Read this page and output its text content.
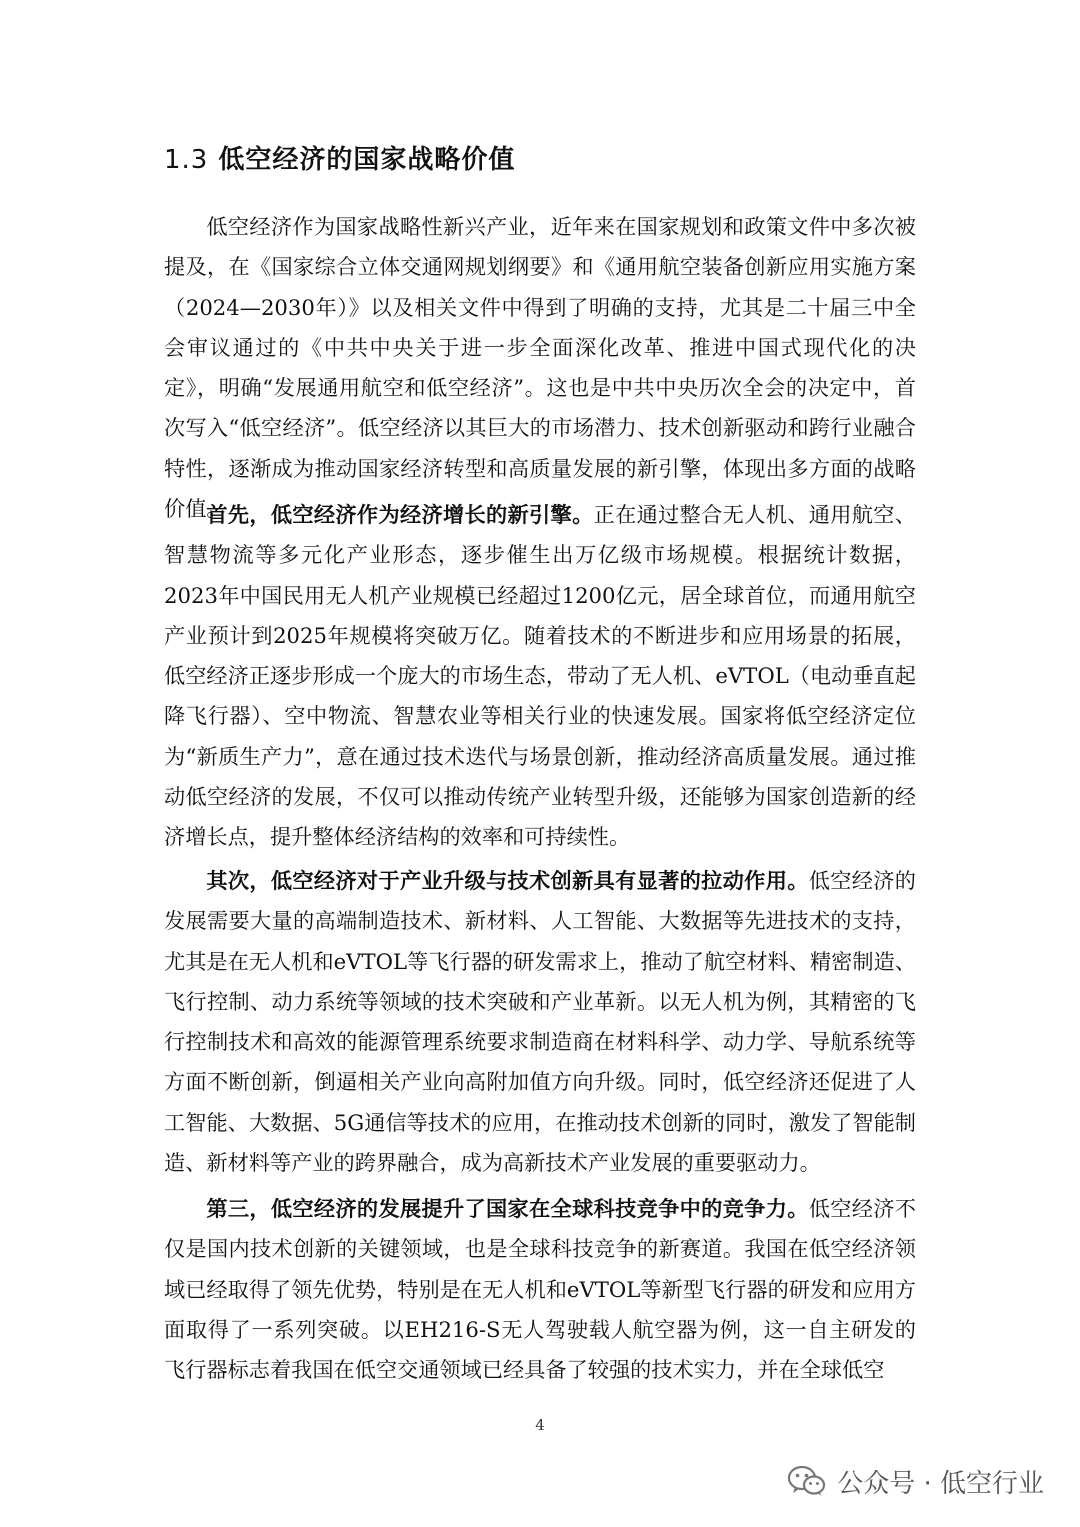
1.3 低空经济的国家战略价值

低空经济作为国家战略性新兴产业，近年来在国家规划和政策文件中多次被提及，在《国家综合立体交通网规划纲要》和《通用航空装备创新应用实施方案（2024—2030年）》以及相关文件中得到了明确的支持，尤其是二十届三中全会审议通过的《中共中央关于进一步全面深化改革、推进中国式现代化的决定》，明确“发展通用航空和低空经济”。这也是中共中央历次全会的决定中，首次写入“低空经济”。低空经济以其巨大的市场潜力、技术创新驱动和跨行业融合特性，逐渐成为推动国家经济转型和高质量发展的新引擎，体现出多方面的战略价值。

首先，低空经济作为经济增长的新引擎。正在通过整合无人机、通用航空、智慧物流等多元化产业形态，逐步催生出万亿级市场规模。根据统计数据，2023年中国民用无人机产业规模已经超过1200亿元，居全球首位，而通用航空产业预计到2025年规模将突破万亿。随着技术的不断进步和应用场景的拓展，低空经济正逐步形成一个庞大的市场生态，带动了无人机、eVTOL（电动垂直起降飞行器）、空中物流、智慧农业等相关行业的快速发展。国家将低空经济定位为“新质生产力”，意在通过技术迭代与场景创新，推动经济高质量发展。通过推动低空经济的发展，不仅可以推动传统产业转型升级，还能够为国家创造新的经济增长点，提升整体经济结构的效率和可持续性。

其次，低空经济对于产业升级与技术创新具有显著的拉动作用。低空经济的发展需要大量的高端制造技术、新材料、人工智能、大数据等先进技术的支持，尤其是在无人机和eVTOL等飞行器的研发需求上，推动了航空材料、精密制造、飞行控制、动力系统等领域的技术突破和产业革新。以无人机为例，其精密的飞行控制技术和高效的能源管理系统要求制造商在材料科学、动力学、导航系统等方面不断创新，倒逼相关产业向高附加值方向升级。同时，低空经济还促进了人工智能、大数据、5G通信等技术的应用，在推动技术创新的同时，激发了智能制造、新材料等产业的跨界融合，成为高新技术产业发展的重要驱动力。

第三，低空经济的发展提升了国家在全球科技竞争中的竞争力。低空经济不仅是国内技术创新的关键领域，也是全球科技竞争的新赛道。我国在低空经济领域已经取得了领先优势，特别是在无人机和eVTOL等新型飞行器的研发和应用方面取得了一系列突破。以EH216-S无人驾驶载人航空器为例，这一自主研发的飞行器标志着我国在低空交通领域已经具备了较强的技术实力，并在全球低空

4
公众号 · 低空行业
